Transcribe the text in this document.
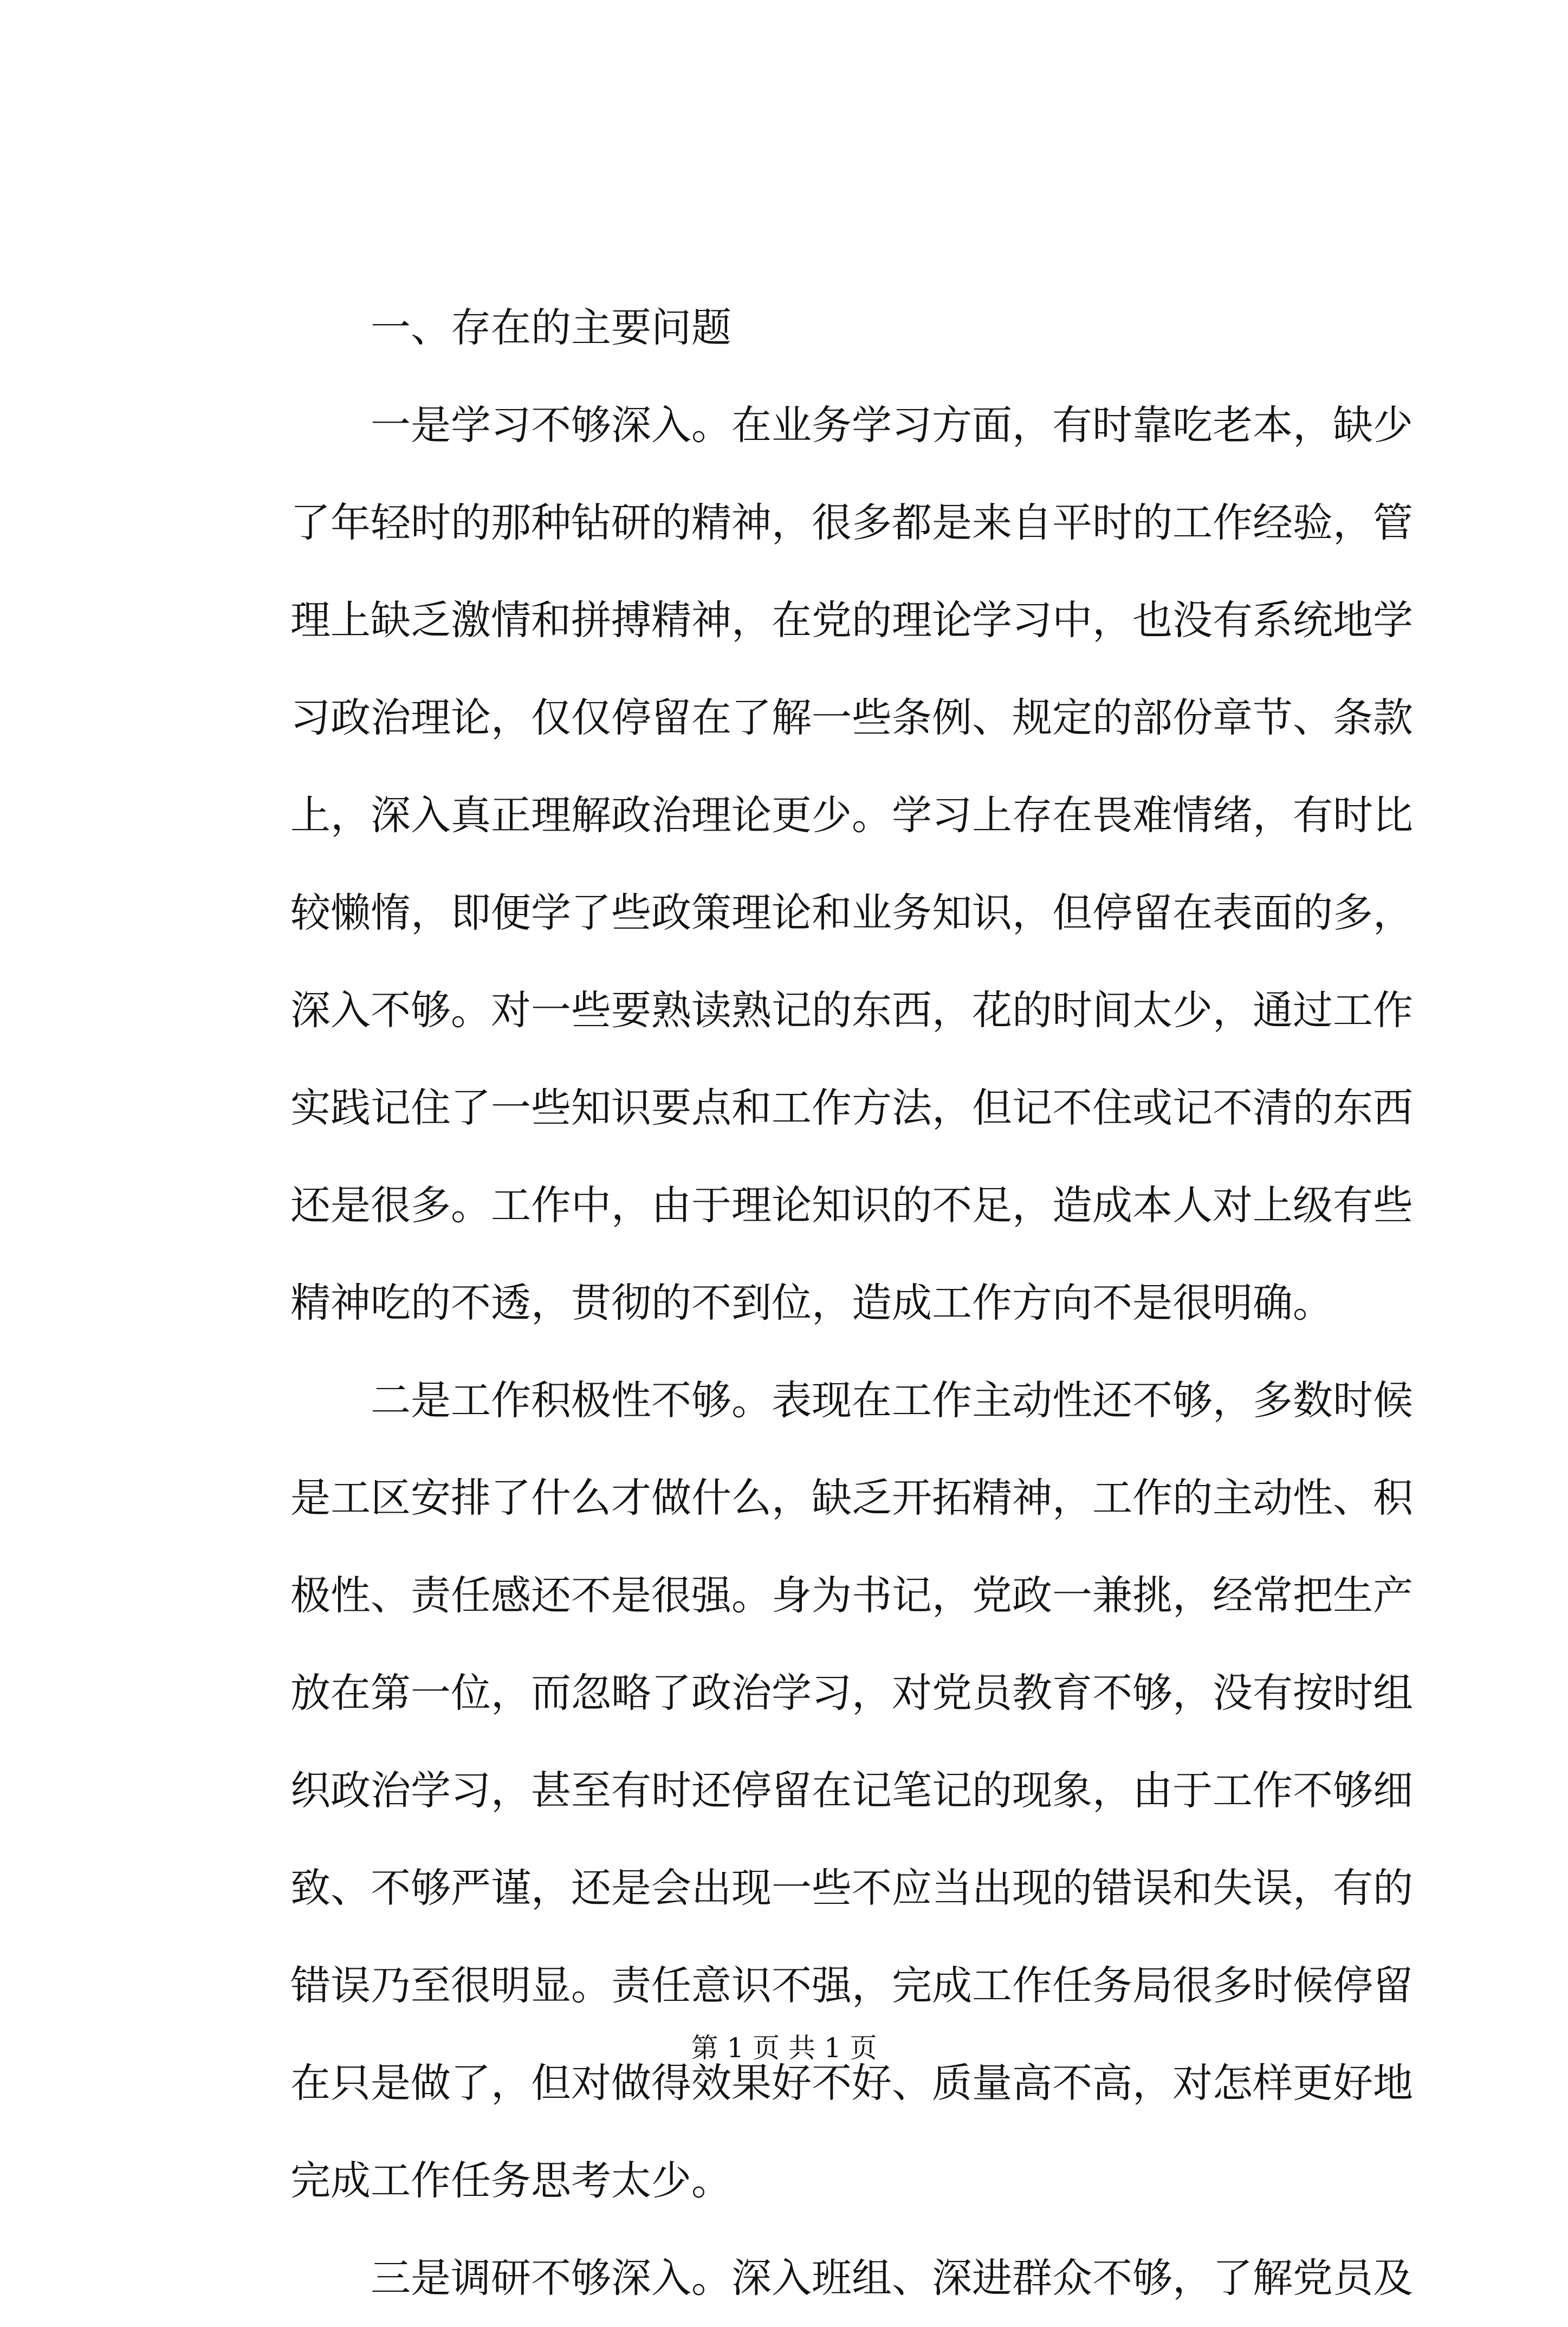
一、存在的主要问题
一是学习不够深入。在业务学习方面，有时靠吃老本，缺少
了年轻时的那种钻研的精神，很多都是来自平时的工作经验，管
理上缺乏激情和拼搏精神，在党的理论学习中，也没有系统地学
习政治理论，仅仅停留在了解一些条例、规定的部份章节、条款
上，深入真正理解政治理论更少。学习上存在畏难情绪，有时比
较懒惰，即便学了些政策理论和业务知识，但停留在表面的多，
深入不够。对一些要熟读熟记的东西，花的时间太少，通过工作
实践记住了一些知识要点和工作方法，但记不住或记不清的东西
还是很多。工作中，由于理论知识的不足，造成本人对上级有些
精神吃的不透，贯彻的不到位，造成工作方向不是很明确。
二是工作积极性不够。表现在工作主动性还不够，多数时候
是工区安排了什么才做什么，缺乏开拓精神，工作的主动性、积
极性、责任感还不是很强。身为书记，党政一兼挑，经常把生产
放在第一位，而忽略了政治学习，对党员教育不够，没有按时组
织政治学习，甚至有时还停留在记笔记的现象，由于工作不够细
致、不够严谨，还是会出现一些不应当出现的错误和失误，有的
错误乃至很明显。责任意识不强，完成工作任务局很多时候停留
在只是做了，但对做得效果好不好、质量高不高，对怎样更好地
完成工作任务思考太少。
三是调研不够深入。深入班组、深进群众不够，了解党员及
第 1 页 共 1 页
